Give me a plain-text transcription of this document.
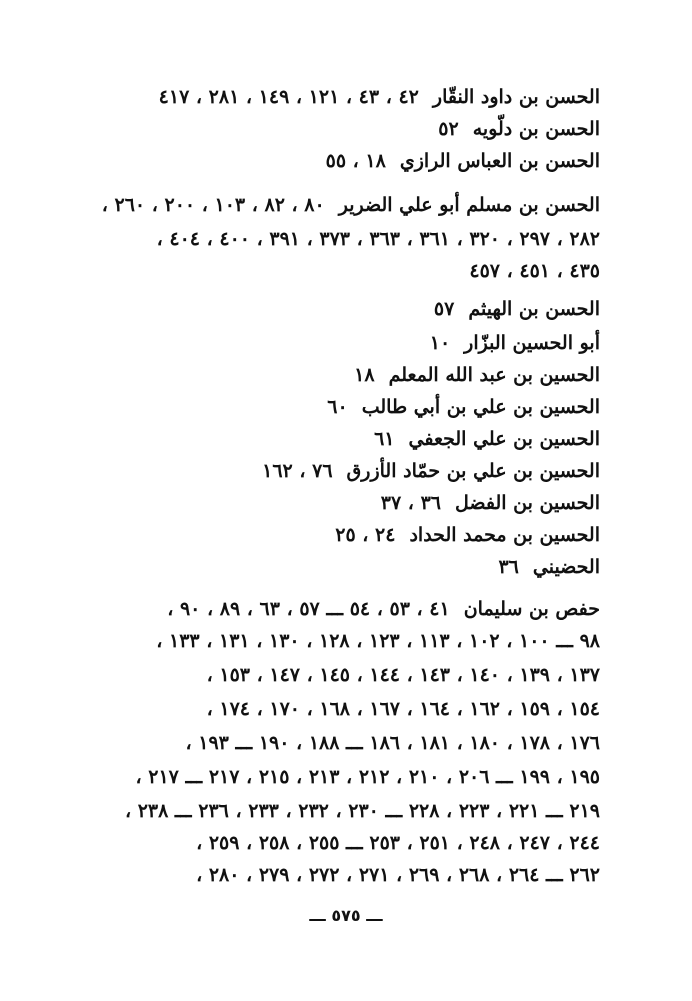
الحسن بن داود النقّار٤٢ ، ٤٣ ، ١٢١ ، ١٤٩ ، ٢٨١ ، ٤١٧
الحسن بن دلّويه٥٢
الحسن بن العباس الرازي١٨ ، ٥٥
الحسن بن مسلم أبو علي الضرير٨٠ ، ٨٢ ، ١٠٣ ، ٢٠٠ ، ٢٦٠ ،
٢٨٢ ، ٢٩٧ ، ٣٢٠ ، ٣٦١ ، ٣٦٣ ، ٣٧٣ ، ٣٩١ ، ٤٠٠ ، ٤٠٤ ،
٤٣٥ ، ٤٥١ ، ٤٥٧
الحسن بن الهيثم٥٧
أبو الحسين البزّار١٠
الحسين بن عبد الله المعلم١٨
الحسين بن علي بن أبي طالب٦٠
الحسين بن علي الجعفي٦١
الحسين بن علي بن حمّاد الأزرق٧٦ ، ١٦٢
الحسين بن الفضل٣٦ ، ٣٧
الحسين بن محمد الحداد٢٤ ، ٢٥
الحضيني٣٦
حفص بن سليمان٤١ ، ٥٣ ، ٥٤ ـــ ٥٧ ، ٦٣ ، ٨٩ ، ٩٠ ،
٩٨ ـــ ١٠٠ ، ١٠٢ ، ١١٣ ، ١٢٣ ، ١٢٨ ، ١٣٠ ، ١٣١ ، ١٣٣ ،
١٣٧ ، ١٣٩ ، ١٤٠ ، ١٤٣ ، ١٤٤ ، ١٤٥ ، ١٤٧ ، ١٥٣ ،
١٥٤ ، ١٥٩ ، ١٦٢ ، ١٦٤ ، ١٦٧ ، ١٦٨ ، ١٧٠ ، ١٧٤ ،
١٧٦ ، ١٧٨ ، ١٨٠ ، ١٨١ ، ١٨٦ ـــ ١٨٨ ، ١٩٠ ـــ ١٩٣ ،
١٩٥ ، ١٩٩ ـــ ٢٠٦ ، ٢١٠ ، ٢١٢ ، ٢١٣ ، ٢١٥ ، ٢١٧ ـــ ٢١٧ ،
٢١٩ ـــ ٢٢١ ، ٢٢٣ ، ٢٢٨ ـــ ٢٣٠ ، ٢٣٢ ، ٢٣٣ ، ٢٣٦ ـــ ٢٣٨ ،
٢٤٤ ، ٢٤٧ ، ٢٤٨ ، ٢٥١ ، ٢٥٣ ـــ ٢٥٥ ، ٢٥٨ ، ٢٥٩ ،
٢٦٢ ـــ ٢٦٤ ، ٢٦٨ ، ٢٦٩ ، ٢٧١ ، ٢٧٢ ، ٢٧٩ ، ٢٨٠ ،
ـــ ٥٧٥ ـــ
